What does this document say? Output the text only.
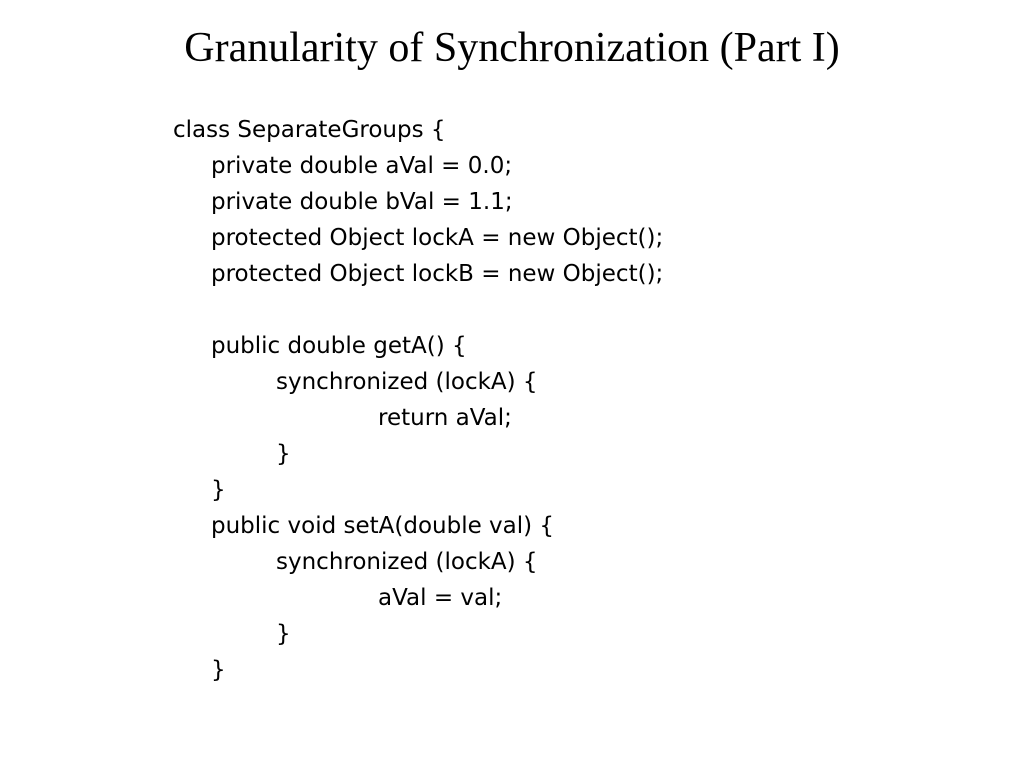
Granularity of Synchronization (Part I)
class SeparateGroups {
private double aVal = 0.0;
private double bVal = 1.1;
protected Object lockA = new Object();
protected Object lockB = new Object();
public double getA() {
synchronized (lockA) {
return aVal;
}
}
public void setA(double val) {
synchronized (lockA) {
aVal = val;
}
}
